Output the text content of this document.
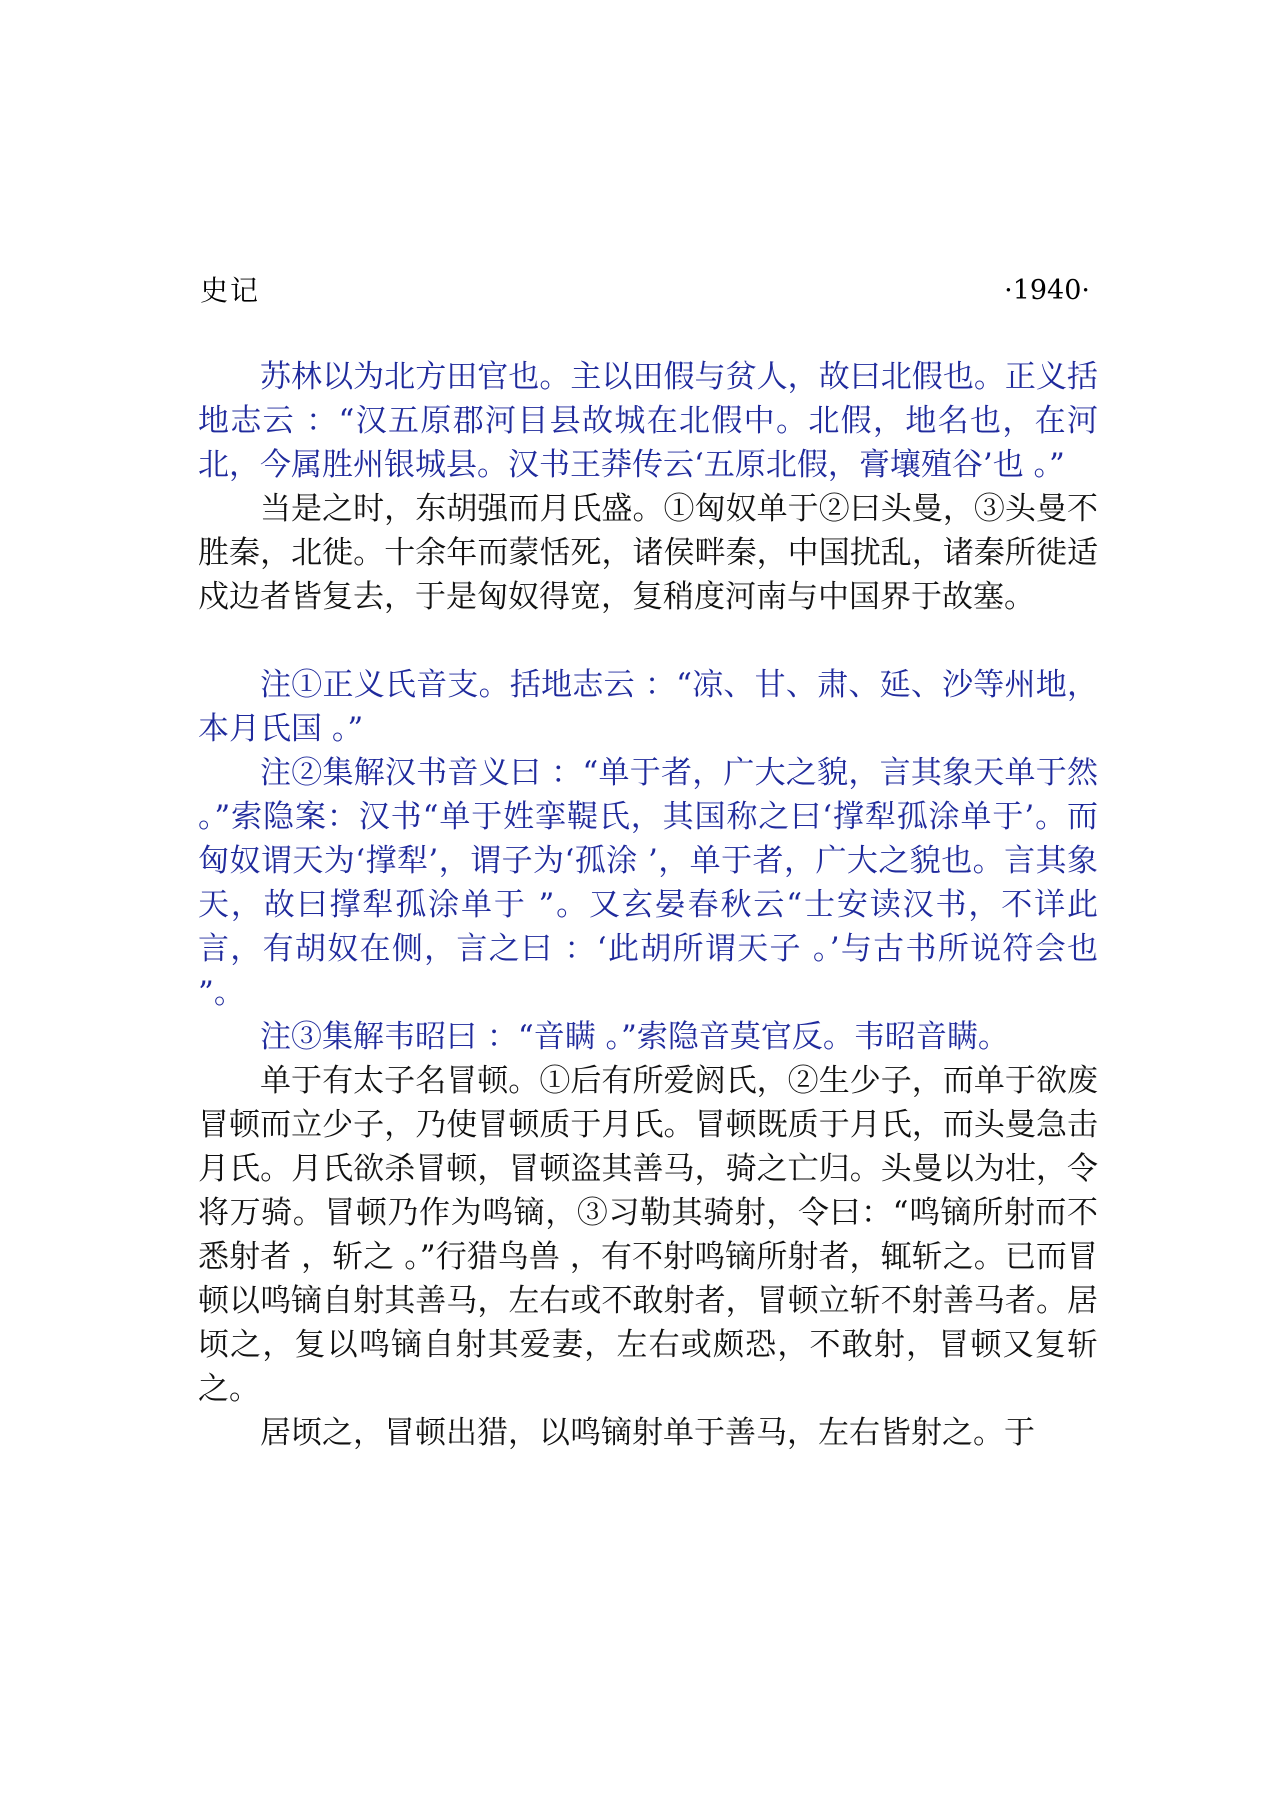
史记	·1940·

苏林以为北方田官也。主以田假与贫人，故曰北假也。正义括地志云 ：“汉五原郡河目县故城在北假中。北假，地名也，在河北，今属胜州银城县。汉书王莽传云‘五原北假，膏壤殖谷’也 。”

当是之时，东胡强而月氏盛。①匈奴单于②曰头曼，③头曼不胜秦，北徙。十余年而蒙恬死，诸侯畔秦，中国扰乱，诸秦所徙适戍边者皆复去，于是匈奴得宽，复稍度河南与中国界于故塞。

注①正义氏音支。括地志云 ：“凉、甘、肃、延、沙等州地，本月氏国 。”

注②集解汉书音义曰 ：“单于者，广大之貌，言其象天单于然 。”索隐案：汉书“单于姓挛鞮氏，其国称之曰‘撑犁孤涂单于’。而匈奴谓天为‘撑犁’，谓子为‘孤涂 ’，单于者，广大之貌也。言其象天，故曰撑犁孤涂单于 ”。又玄晏春秋云“士安读汉书，不详此言，有胡奴在侧，言之曰 ：‘此胡所谓天子 。’与古书所说符会也 ”。

注③集解韦昭曰 ：“音瞒 。”索隐音莫官反。韦昭音瞒。

单于有太子名冒顿。①后有所爱阏氏，②生少子，而单于欲废冒顿而立少子，乃使冒顿质于月氏。冒顿既质于月氏，而头曼急击月氏。月氏欲杀冒顿，冒顿盗其善马，骑之亡归。头曼以为壮，令将万骑。冒顿乃作为鸣镝，③习勒其骑射，令曰：“鸣镝所射而不悉射者 ，斩之 。”行猎鸟兽 ，有不射鸣镝所射者，辄斩之。已而冒顿以鸣镝自射其善马，左右或不敢射者，冒顿立斩不射善马者。居顷之，复以鸣镝自射其爱妻，左右或颇恐，不敢射，冒顿又复斩之。

居顷之，冒顿出猎，以鸣镝射单于善马，左右皆射之。于
